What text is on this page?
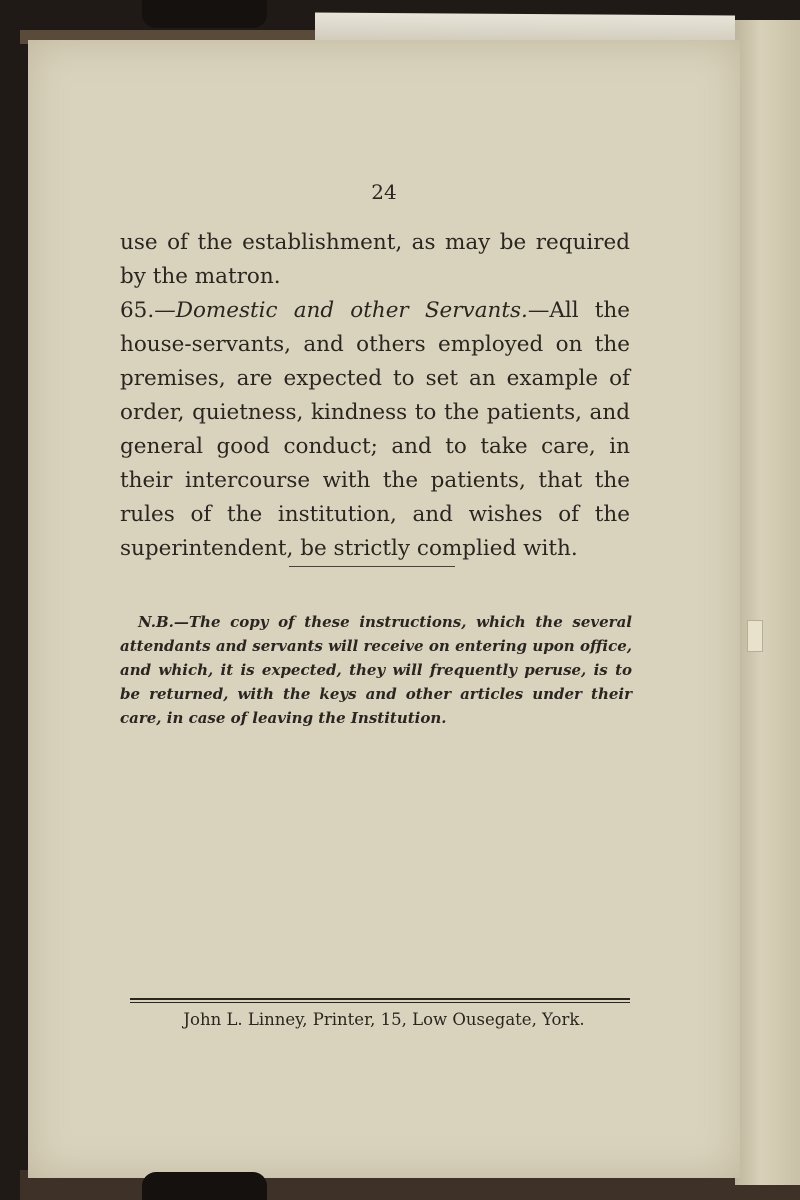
24

use of the establishment, as may be required by the matron.

65.—Domestic and other Servants.—All the house-servants, and others employed on the premises, are expected to set an example of order, quietness, kindness to the patients, and general good conduct; and to take care, in their intercourse with the patients, that the rules of the institution, and wishes of the superintendent, be strictly complied with.

N.B.—The copy of these instructions, which the several attendants and servants will receive on entering upon office, and which, it is expected, they will frequently peruse, is to be returned, with the keys and other articles under their care, in case of leaving the Institution.
John L. Linney, Printer, 15, Low Ousegate, York.
